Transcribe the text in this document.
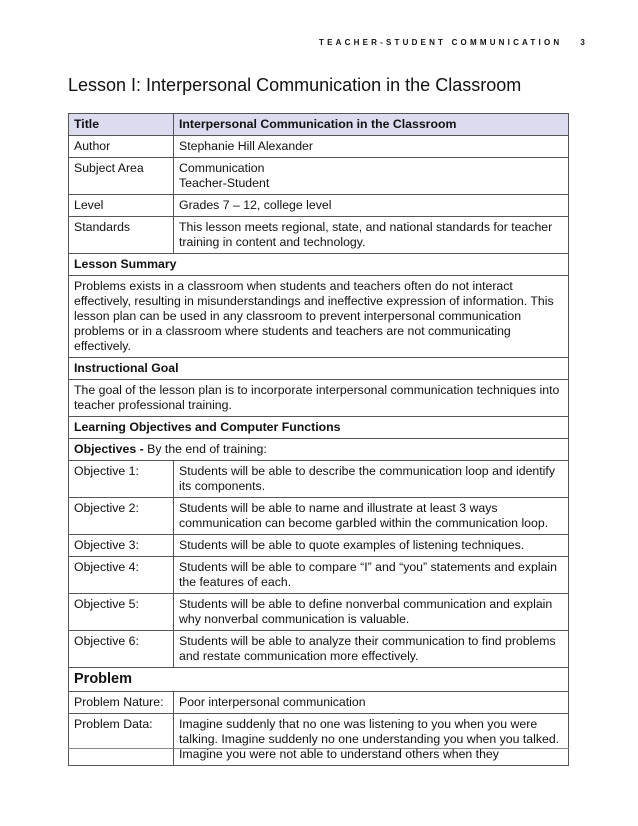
TEACHER-STUDENT COMMUNICATION 3
Lesson I: Interpersonal Communication in the Classroom
Title	Interpersonal Communication in the Classroom
Author	Stephanie Hill Alexander
Subject Area	Communication
Teacher-Student

Level	Grades 7 – 12, college level
Standards	This lesson meets regional, state, and national standards for teacher training in content and technology.
Lesson Summary	
Problems exists in a classroom when students and teachers often do not interact effectively, resulting in misunderstandings and ineffective expression of information. This lesson plan can be used in any classroom to prevent interpersonal communication problems or in a classroom where students and teachers are not communicating effectively.	
Instructional Goal	
The goal of the lesson plan is to incorporate interpersonal communication techniques into teacher professional training.	
Learning Objectives and Computer Functions	
Objectives - By the end of training:	
Objective 1:	Students will be able to describe the communication loop and identify its components.
Objective 2:	Students will be able to name and illustrate at least 3 ways communication can become garbled within the communication loop.
Objective 3:	Students will be able to quote examples of listening techniques.
Objective 4:	Students will be able to compare “I” and “you” statements and explain the features of each.
Objective 5:	Students will be able to define nonverbal communication and explain why nonverbal communication is valuable.
Objective 6:	Students will be able to analyze their communication to find problems and restate communication more effectively.
Problem	
Problem Nature:	Poor interpersonal communication
Problem Data:	Imagine suddenly that no one was listening to you when you were talking. Imagine suddenly no one understanding you when you talked. Imagine you were not able to understand others when they
